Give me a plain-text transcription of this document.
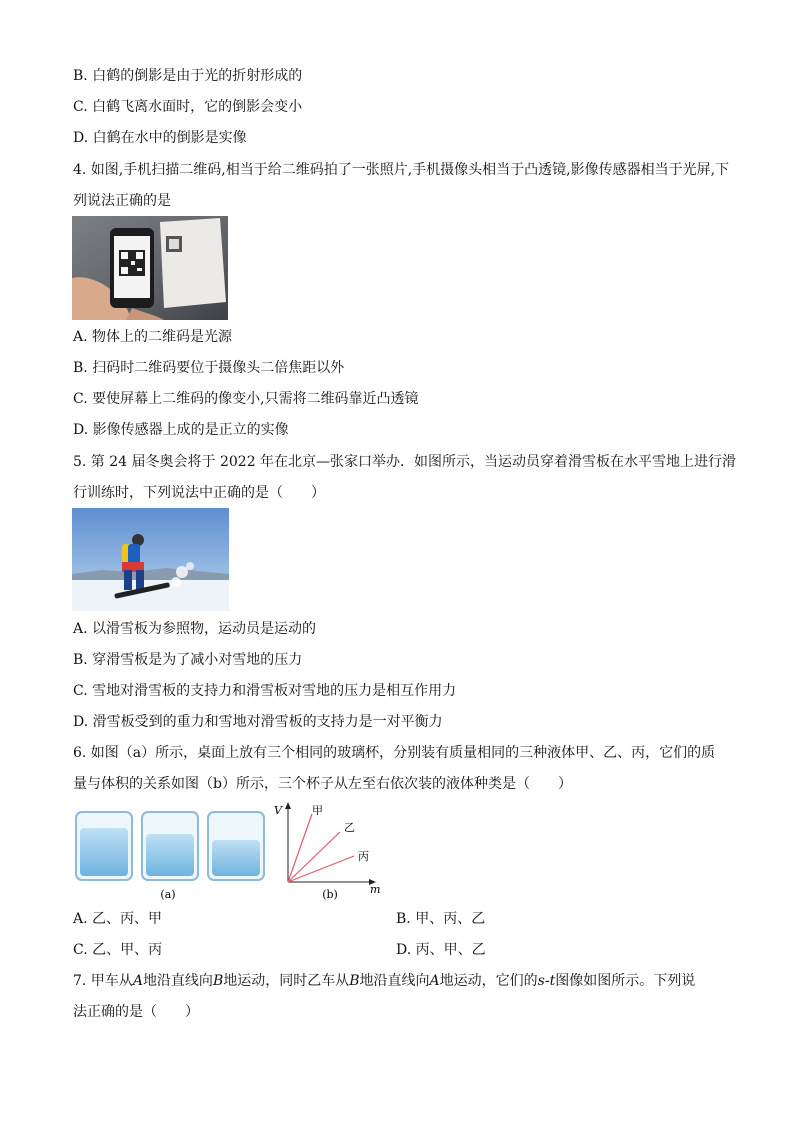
B. 白鹤的倒影是由于光的折射形成的
C. 白鹤飞离水面时，它的倒影会变小
D. 白鹤在水中的倒影是实像
4. 如图,手机扫描二维码,相当于给二维码拍了一张照片,手机摄像头相当于凸透镜,影像传感器相当于光屏,下
列说法正确的是
A. 物体上的二维码是光源
B. 扫码时二维码要位于摄像头二倍焦距以外
C. 要使屏幕上二维码的像变小,只需将二维码靠近凸透镜
D. 影像传感器上成的是正立的实像
5. 第 24 届冬奥会将于 2022 年在北京—张家口举办．如图所示，当运动员穿着滑雪板在水平雪地上进行滑
行训练时，下列说法中正确的是（　　）
A. 以滑雪板为参照物，运动员是运动的
B. 穿滑雪板是为了减小对雪地的压力
C. 雪地对滑雪板的支持力和滑雪板对雪地的压力是相互作用力
D. 滑雪板受到的重力和雪地对滑雪板的支持力是一对平衡力
6. 如图（a）所示，桌面上放有三个相同的玻璃杯，分别装有质量相同的三种液体甲、乙、丙，它们的质
量与体积的关系如图（b）所示，三个杯子从左至右依次装的液体种类是（　　）
(a)
V
m
甲
乙
丙
(b)
A. 乙、丙、甲	B. 甲、丙、乙
C. 乙、甲、丙	D. 丙、甲、乙
7. 甲车从A地沿直线向B地运动，同时乙车从B地沿直线向A地运动，它们的s-t图像如图所示。下列说
法正确的是（　　）
